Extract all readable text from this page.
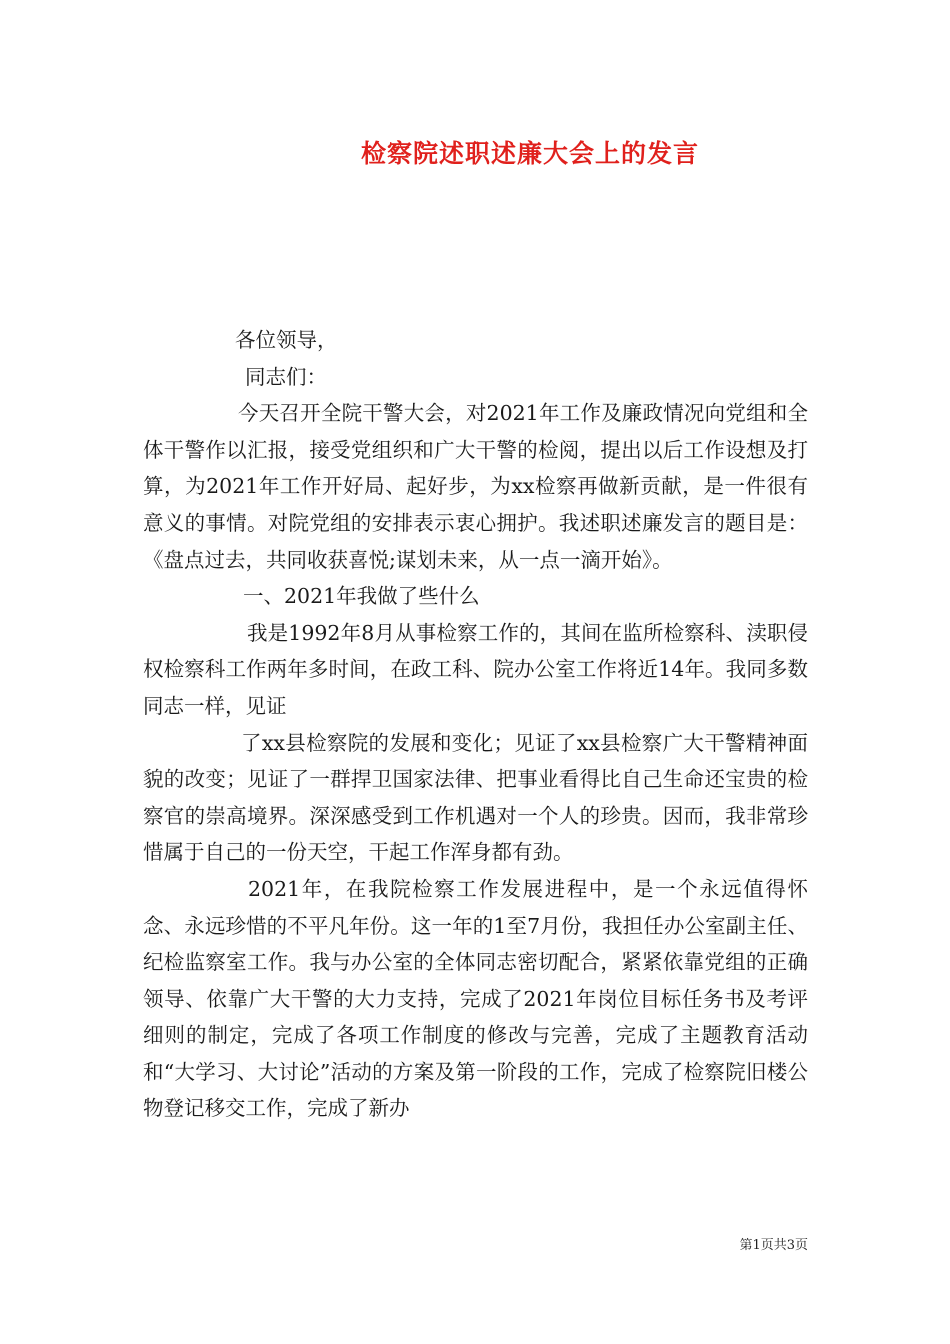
检察院述职述廉大会上的发言

各位领导，

同志们：

今天召开全院干警大会，对2021年工作及廉政情况向党组和全体干警作以汇报，接受党组织和广大干警的检阅，提出以后工作设想及打算，为2021年工作开好局、起好步，为xx检察再做新贡献，是一件很有意义的事情。对院党组的安排表示衷心拥护。我述职述廉发言的题目是：《盘点过去，共同收获喜悦;谋划未来，从一点一滴开始》。

一、2021年我做了些什么

我是1992年8月从事检察工作的，其间在监所检察科、渎职侵权检察科工作两年多时间，在政工科、院办公室工作将近14年。我同多数同志一样，见证

了xx县检察院的发展和变化；见证了xx县检察广大干警精神面貌的改变；见证了一群捍卫国家法律、把事业看得比自己生命还宝贵的检察官的崇高境界。深深感受到工作机遇对一个人的珍贵。因而，我非常珍惜属于自己的一份天空，干起工作浑身都有劲。

2021年，在我院检察工作发展进程中，是一个永远值得怀念、永远珍惜的不平凡年份。这一年的1至7月份，我担任办公室副主任、纪检监察室工作。我与办公室的全体同志密切配合，紧紧依靠党组的正确领导、依靠广大干警的大力支持，完成了2021年岗位目标任务书及考评细则的制定，完成了各项工作制度的修改与完善，完成了主题教育活动和“大学习、大讨论”活动的方案及第一阶段的工作，完成了检察院旧楼公物登记移交工作，完成了新办

第1页共3页
